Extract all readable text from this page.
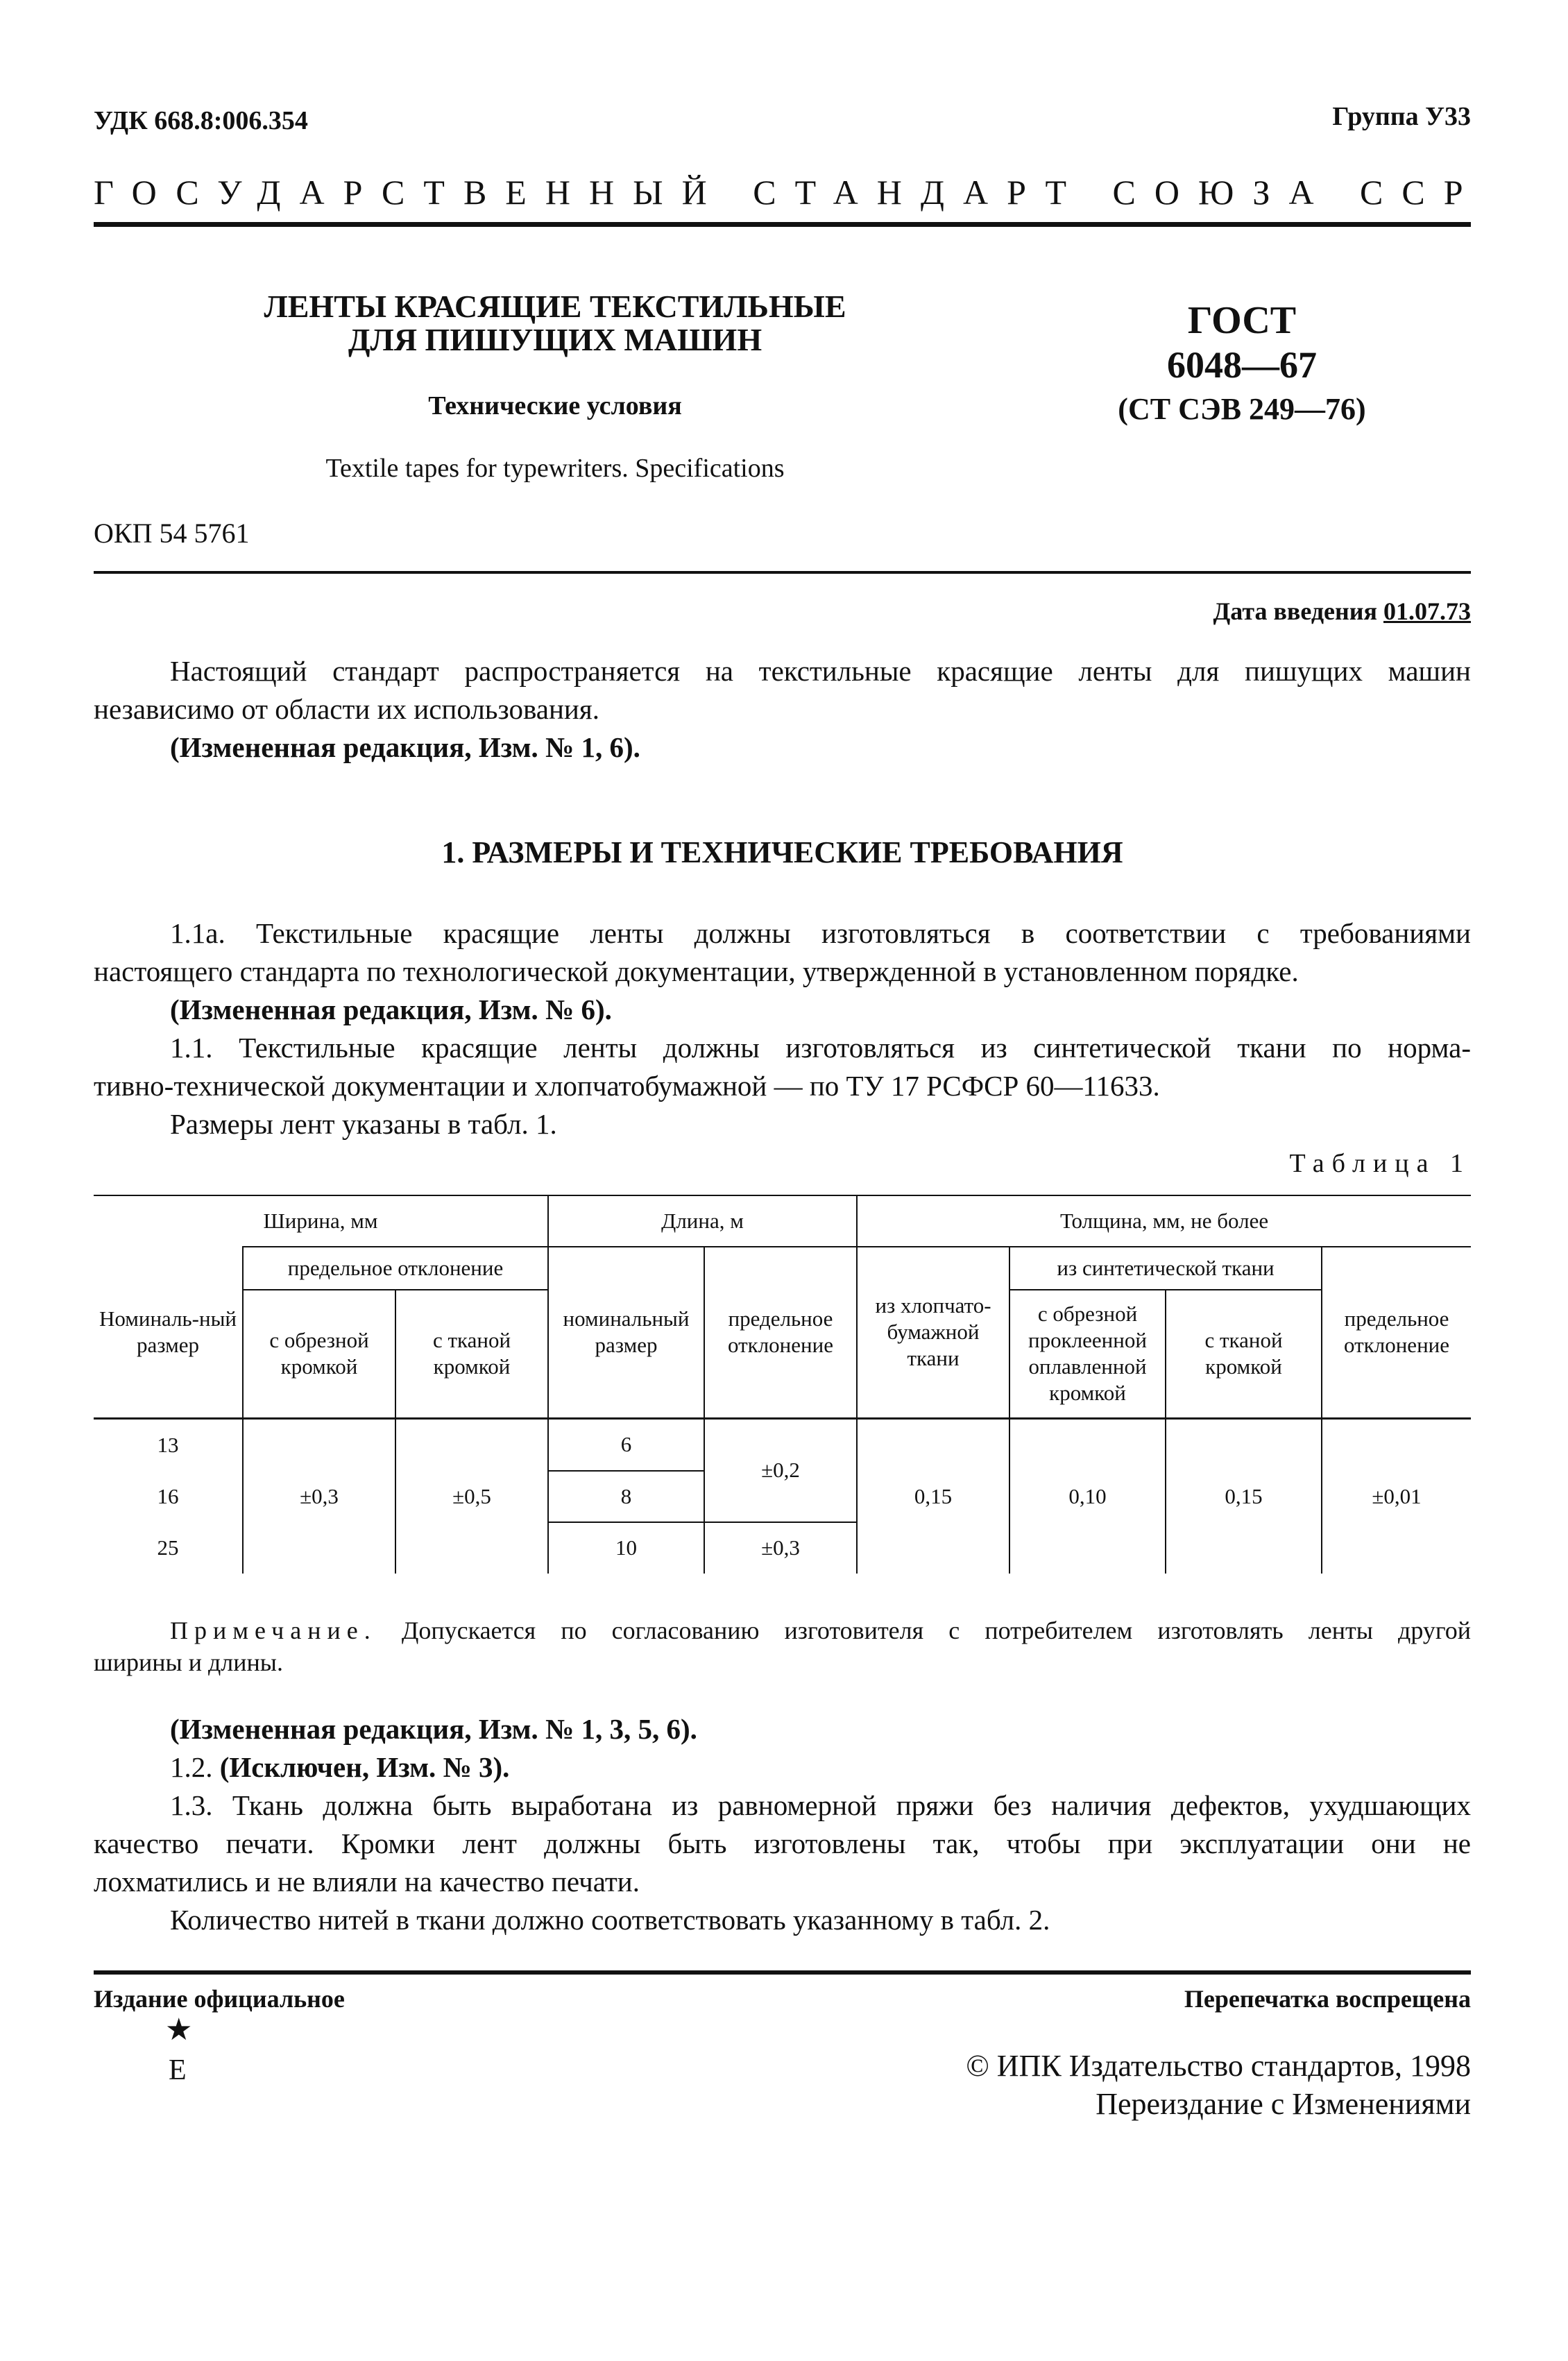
УДК 668.8:006.354	Группа У33
ГОСУДАРСТВЕННЫЙ СТАНДАРТ СОЮЗА ССР
ЛЕНТЫ КРАСЯЩИЕ ТЕКСТИЛЬНЫЕ
ДЛЯ ПИШУЩИХ МАШИН
Технические условия
Textile tapes for typewriters. Specifications
ОКП 54 5761
ГОСТ
6048—67
(СТ СЭВ 249—76)
Дата введения 01.07.73
Настоящий стандарт распространяется на текстильные красящие ленты для пишущих машин
независимо от области их использования.
(Измененная редакция, Изм. № 1, 6).
1. РАЗМЕРЫ И ТЕХНИЧЕСКИЕ ТРЕБОВАНИЯ
1.1а. Текстильные красящие ленты должны изготовляться в соответствии с требованиями
настоящего стандарта по технологической документации, утвержденной в установленном порядке.
(Измененная редакция, Изм. № 6).
1.1. Текстильные красящие ленты должны изготовляться из синтетической ткани по норма-
тивно-технической документации и хлопчатобумажной — по ТУ 17 РСФСР 60—11633.
Размеры лент указаны в табл. 1.
Таблица 1
Ширина, мм			Длина, м		Толщина, мм, не более			
Номиналь-ный размер	предельное отклонение		номинальный размер	предельное отклонение	из хлопчато-бумажной ткани	из синтетической ткани		предельное отклонение
	с обрезной кромкой	с тканой кромкой				с обрезной проклеенной оплавленной кромкой	с тканой кромкой	

13	±0,3	±0,5	6	±0,2	0,15	0,10	0,15	±0,01
16			8					
25			10	±0,3				
Примечание. Допускается по согласованию изготовителя с потребителем изготовлять ленты другой
ширины и длины.
(Измененная редакция, Изм. № 1, 3, 5, 6).
1.2. (Исключен, Изм. № 3).
1.3. Ткань должна быть выработана из равномерной пряжи без наличия дефектов, ухудшающих
качество печати. Кромки лент должны быть изготовлены так, чтобы при эксплуатации они не
лохматились и не влияли на качество печати.
Количество нитей в ткани должно соответствовать указанному в табл. 2.
Издание официальное
★
E
Перепечатка воспрещена
© ИПК Издательство стандартов, 1998
Переиздание с Изменениями
